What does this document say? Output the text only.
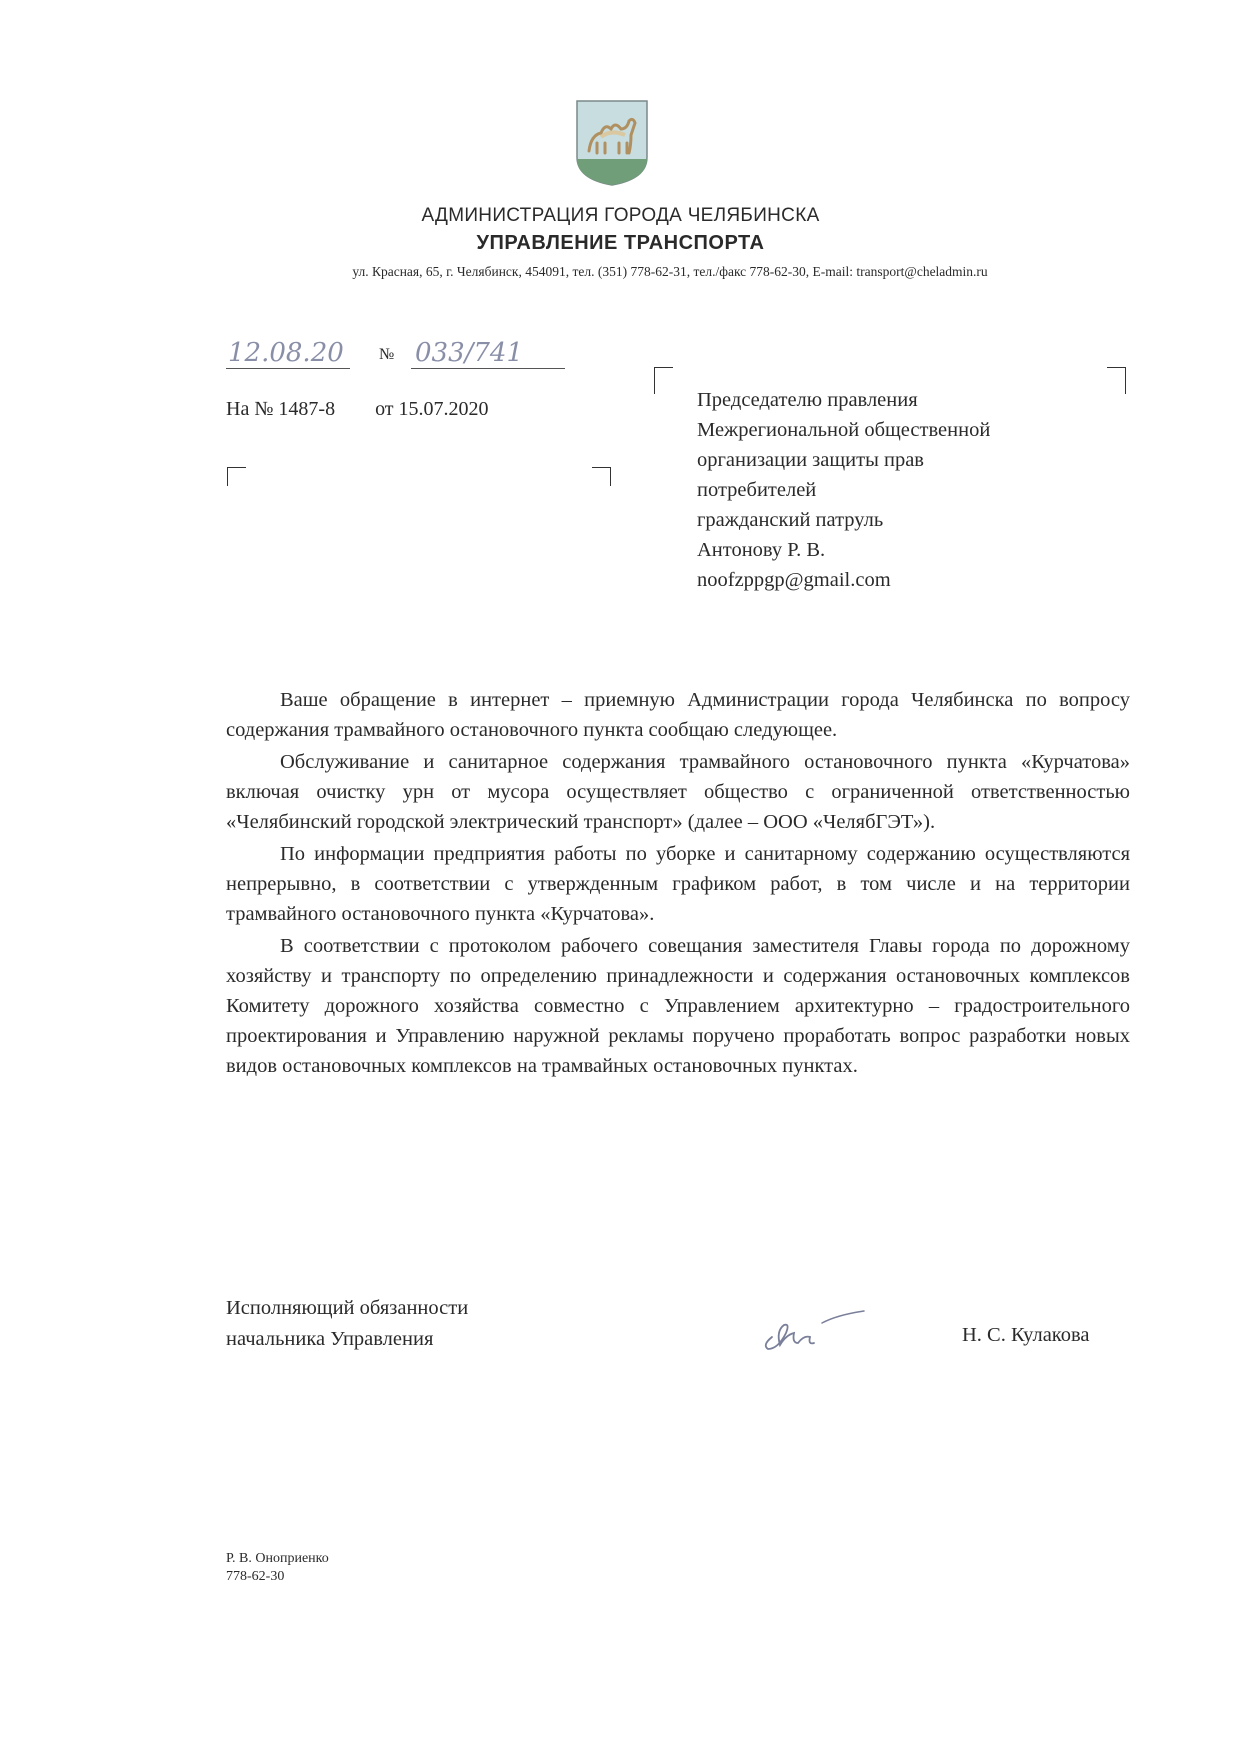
АДМИНИСТРАЦИЯ ГОРОДА ЧЕЛЯБИНСКА
УПРАВЛЕНИЕ ТРАНСПОРТА
ул. Красная, 65, г. Челябинск, 454091, тел. (351) 778-62-31, тел./факс 778-62-30, E-mail: transport@cheladmin.ru
12.08.20	№ 033/741
На № 1487-8 от 15.07.2020	Председателю правления
Межрегиональной общественной
организации защиты прав
потребителей
гражданский патруль
Антонову Р. В.
noofzppgp@gmail.com

Ваше обращение в интернет – приемную Администрации города Челябинска по вопросу содержания трамвайного остановочного пункта сообщаю следующее.

Обслуживание и санитарное содержания трамвайного остановочного пункта «Курчатова» включая очистку урн от мусора осуществляет общество с ограниченной ответственностью «Челябинский городской электрический транспорт» (далее – ООО «ЧелябГЭТ»).

По информации предприятия работы по уборке и санитарному содержанию осуществляются непрерывно, в соответствии с утвержденным графиком работ, в том числе и на территории трамвайного остановочного пункта «Курчатова».

В соответствии с протоколом рабочего совещания заместителя Главы города по дорожному хозяйству и транспорту по определению принадлежности и содержания остановочных комплексов Комитету дорожного хозяйства совместно с Управлением архитектурно – градостроительного проектирования и Управлению наружной рекламы поручено проработать вопрос разработки новых видов остановочных комплексов на трамвайных остановочных пунктах.

Исполняющий обязанности
начальника Управления	Н. С. Кулакова
Р. В. Оноприенко
778-62-30
